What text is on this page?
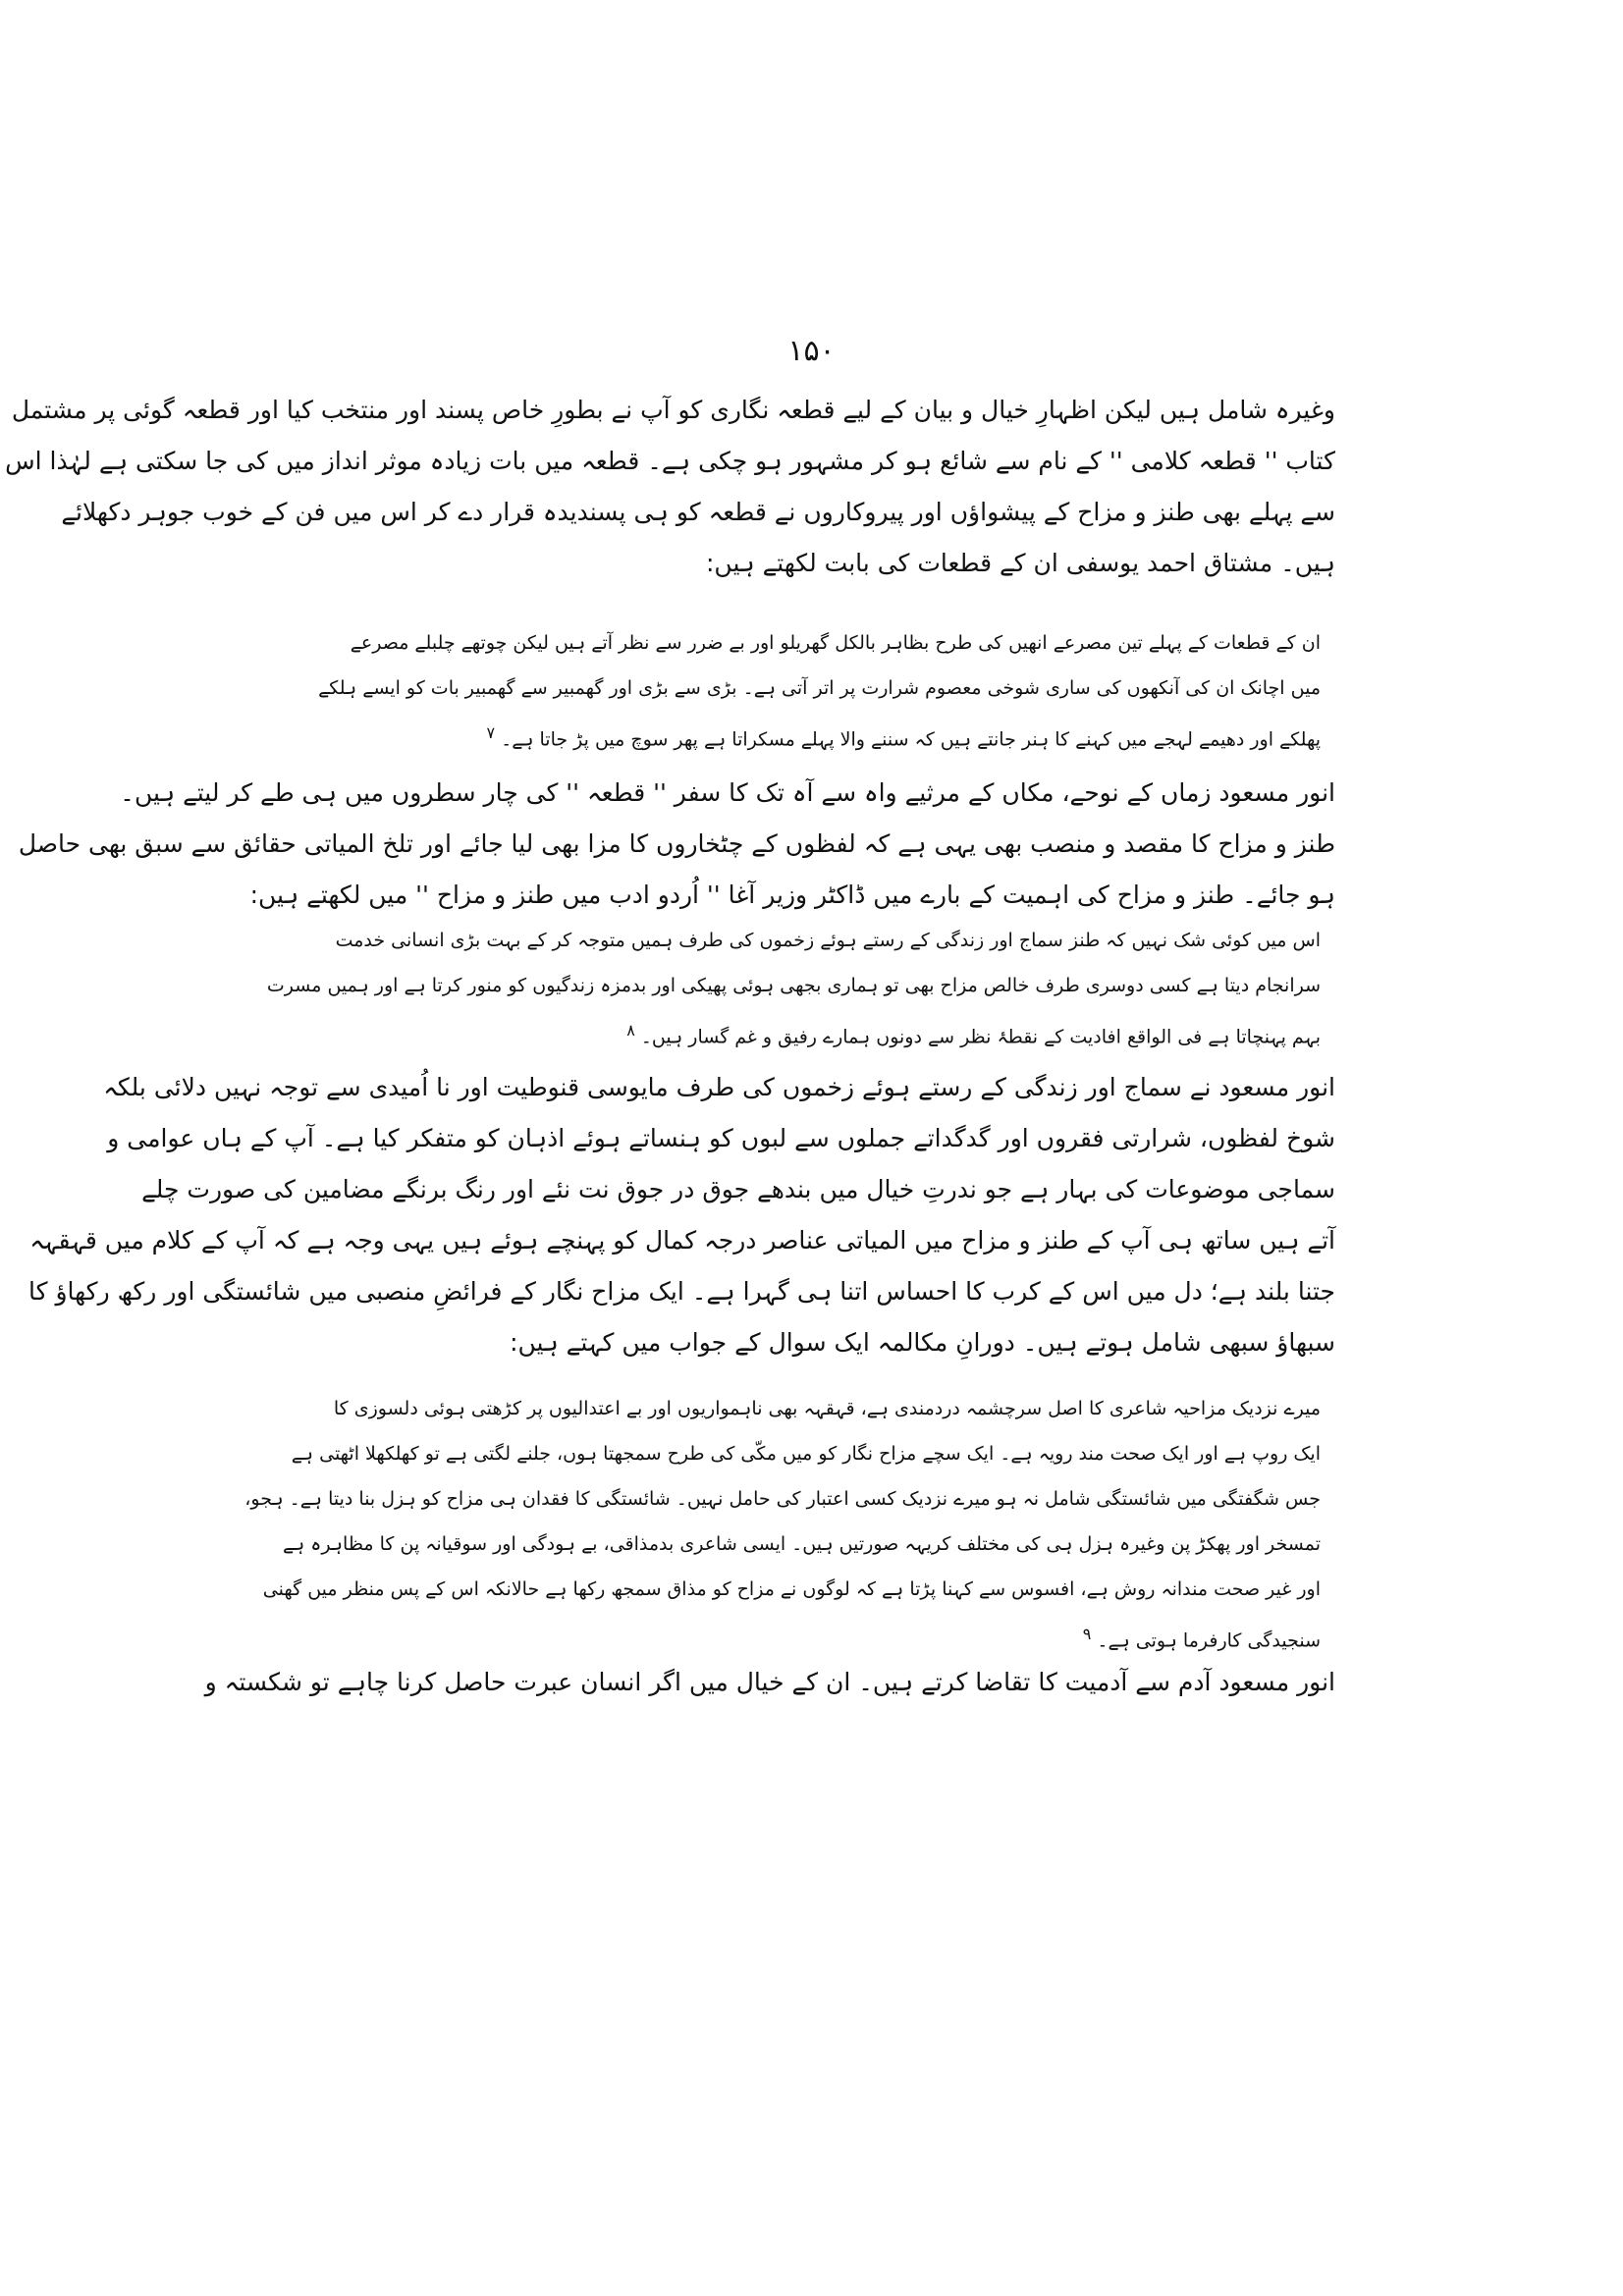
۱۵۰
وغیرہ شامل ہیں لیکن اظہارِ خیال و بیان کے لیے قطعہ نگاری کو آپ نے بطورِ خاص پسند اور منتخب کیا اور قطعہ گوئی پر مشتمل
کتاب '' قطعہ کلامی '' کے نام سے شائع ہو کر مشہور ہو چکی ہے۔ قطعہ میں بات زیادہ موثر انداز میں کی جا سکتی ہے لہٰذا اس
سے پہلے بھی طنز و مزاح کے پیشواؤں اور پیروکاروں نے قطعہ کو ہی پسندیدہ قرار دے کر اس میں فن کے خوب جوہر دکھلائے
ہیں۔ مشتاق احمد یوسفی ان کے قطعات کی بابت لکھتے ہیں:
ان کے قطعات کے پہلے تین مصرعے انھیں کی طرح بظاہر بالکل گھریلو اور بے ضرر سے نظر آتے ہیں لیکن چوتھے چلبلے مصرعے
میں اچانک ان کی آنکھوں کی ساری شوخی معصوم شرارت پر اتر آتی ہے۔ بڑی سے بڑی اور گھمبیر سے گھمبیر بات کو ایسے ہلکے
پھلکے اور دھیمے لہجے میں کہنے کا ہنر جانتے ہیں کہ سننے والا پہلے مسکراتا ہے پھر سوچ میں پڑ جاتا ہے۔$^۷$
انور مسعود زماں کے نوحے، مکاں کے مرثیے واہ سے آہ تک کا سفر '' قطعہ '' کی چار سطروں میں ہی طے کر لیتے ہیں۔
طنز و مزاح کا مقصد و منصب بھی یہی ہے کہ لفظوں کے چٹخاروں کا مزا بھی لیا جائے اور تلخ المیاتی حقائق سے سبق بھی حاصل
ہو جائے۔ طنز و مزاح کی اہمیت کے بارے میں ڈاکٹر وزیر آغا '' اُردو ادب میں طنز و مزاح '' میں لکھتے ہیں:
اس میں کوئی شک نہیں کہ طنز سماج اور زندگی کے رستے ہوئے زخموں کی طرف ہمیں متوجہ کر کے بہت بڑی انسانی خدمت
سرانجام دیتا ہے کسی دوسری طرف خالص مزاح بھی تو ہماری بجھی ہوئی پھیکی اور بدمزہ زندگیوں کو منور کرتا ہے اور ہمیں مسرت
بہم پہنچاتا ہے فی الواقع افادیت کے نقطۂ نظر سے دونوں ہمارے رفیق و غم گسار ہیں۔$^۸$
انور مسعود نے سماج اور زندگی کے رستے ہوئے زخموں کی طرف مایوسی قنوطیت اور نا اُمیدی سے توجہ نہیں دلائی بلکہ
شوخ لفظوں، شرارتی فقروں اور گدگداتے جملوں سے لبوں کو ہنساتے ہوئے اذہان کو متفکر کیا ہے۔ آپ کے ہاں عوامی و
سماجی موضوعات کی بہار ہے جو ندرتِ خیال میں بندھے جوق در جوق نت نئے اور رنگ برنگے مضامین کی صورت چلے
آتے ہیں ساتھ ہی آپ کے طنز و مزاح میں المیاتی عناصر درجہ کمال کو پہنچے ہوئے ہیں یہی وجہ ہے کہ آپ کے کلام میں قہقہہ
جتنا بلند ہے؛ دل میں اس کے کرب کا احساس اتنا ہی گہرا ہے۔ ایک مزاح نگار کے فرائضِ منصبی میں شائستگی اور رکھ رکھاؤ کا
سبھاؤ سبھی شامل ہوتے ہیں۔ دورانِ مکالمہ ایک سوال کے جواب میں کہتے ہیں:
میرے نزدیک مزاحیہ شاعری کا اصل سرچشمہ دردمندی ہے، قہقہہ بھی ناہمواریوں اور بے اعتدالیوں پر کڑھتی ہوئی دلسوزی کا
ایک روپ ہے اور ایک صحت مند رویہ ہے۔ ایک سچے مزاح نگار کو میں مکّی کی طرح سمجھتا ہوں، جلنے لگتی ہے تو کھلکھلا اٹھتی ہے
جس شگفتگی میں شائستگی شامل نہ ہو میرے نزدیک کسی اعتبار کی حامل نہیں۔ شائستگی کا فقدان ہی مزاح کو ہزل بنا دیتا ہے۔ ہجو،
تمسخر اور پھکڑ پن وغیرہ ہزل ہی کی مختلف کریہہ صورتیں ہیں۔ ایسی شاعری بدمذاقی، بے ہودگی اور سوقیانہ پن کا مظاہرہ ہے
اور غیر صحت مندانہ روش ہے، افسوس سے کہنا پڑتا ہے کہ لوگوں نے مزاح کو مذاق سمجھ رکھا ہے حالانکہ اس کے پس منظر میں گھنی
سنجیدگی کارفرما ہوتی ہے۔$^۹$
انور مسعود آدم سے آدمیت کا تقاضا کرتے ہیں۔ ان کے خیال میں اگر انسان عبرت حاصل کرنا چاہے تو شکستہ و
